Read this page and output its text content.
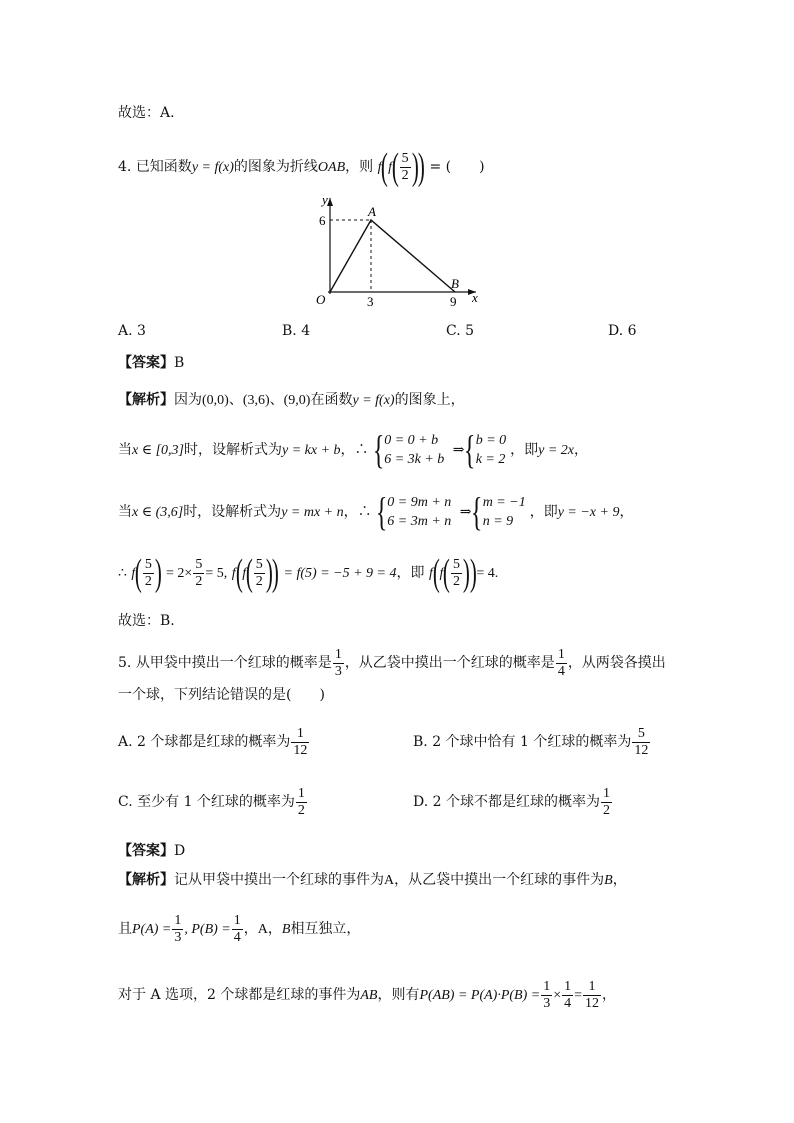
故选：A.
4. 已知函数y = f(x)的图象为折线OAB，则 $f(f( \frac{5}{2}$ )) = (　　)
y
x
O
A
B
6
3	9
A. 3	B. 4	C. 5	D. 6
【答案】B
【解析】因为(0,0)、(3,6)、(9,0)在函数y = f(x)的图象上，
当x ∈ [0,3]时，设解析式为y = kx + b，∴ { 0 = 0 + b
6 = 3k + b
⇒{ b = 0
k = 2
，即y = 2x，
当x ∈ (3,6]时，设解析式为y = mx + n，∴ { 0 = 9m + n
6 = 3m + n
⇒{ m = −1
n = 9
，即y = −x + 9，
∴ $f( \frac{5}{2}$ ) = $2\times \frac{5}{2} = 5$, $f(f( \frac{5}{2}$ )) = f(5) = −5 + 9 = 4，即 $f(f( \frac{5}{2}$ ))= 4.
故选：B.
5. 从甲袋中摸出一个红球的概率是 $\frac{1}{3}$ ，从乙袋中摸出一个红球的概率是 $\frac{1}{4}$ ，从两袋各摸出
一个球，下列结论错误的是(　　)
A. 2 个球都是红球的概率为 $\frac{1}{12}$	B. 2 个球中恰有 1 个红球的概率为 $\frac{5}{12}$
C. 至少有 1 个红球的概率为 $\frac{1}{2}$	D. 2 个球不都是红球的概率为 $\frac{1}{2}$
【答案】D
【解析】记从甲袋中摸出一个红球的事件为A，从乙袋中摸出一个红球的事件为B，
且$P(A) = \frac{1}{3}$ , $P(B) = \frac{1}{4}$ ，A，B相互独立，
对于 A 选项，2 个球都是红球的事件为AB，则有$P(AB) = P(A)\cdot P(B) = \frac{1}{3} \times \frac{1}{4} = \frac{1}{12}$ ，
